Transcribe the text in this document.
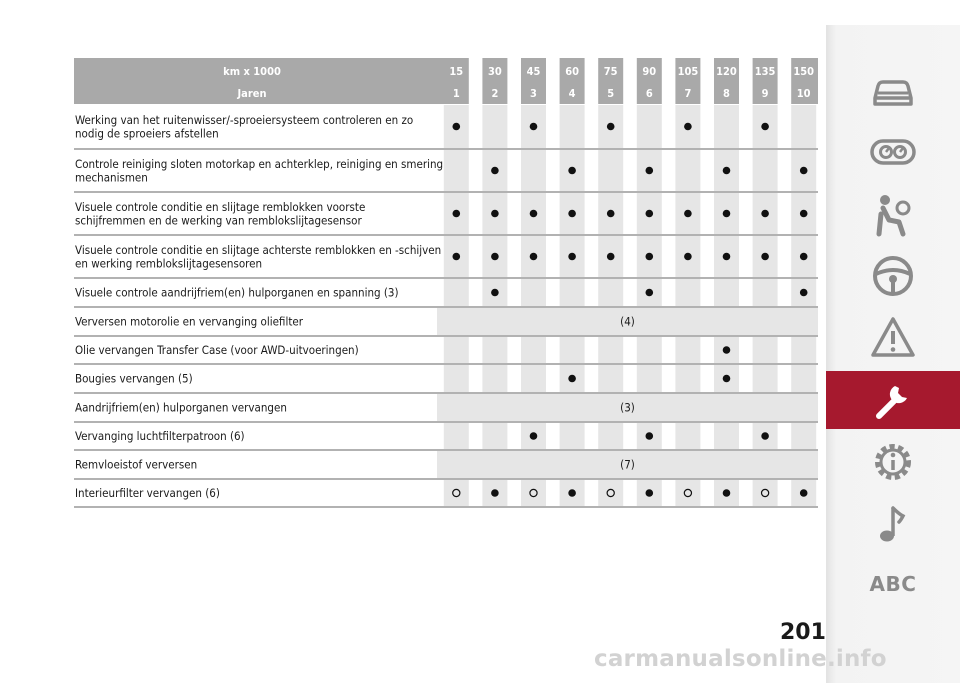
km x 1000
Jaren
15
1
30
2
45
3
60
4
75
5
90
6
105
7
120
8
135
9
150
10
Werking van het ruitenwisser/-sproeiersysteem controleren en zo
nodig de sproeiers afstellen
Controle reiniging sloten motorkap en achterklep, reiniging en smering
mechanismen
Visuele controle conditie en slijtage remblokken voorste
schijfremmen en de werking van remblokslijtagesensor
Visuele controle conditie en slijtage achterste remblokken en -schijven
en werking remblokslijtagesensoren
Visuele controle aandrijfriem(en) hulporganen en spanning (3)
(4)
Verversen motorolie en vervanging oliefilter
Olie vervangen Transfer Case (voor AWD-uitvoeringen)
Bougies vervangen (5)
(3)
Aandrijfriem(en) hulporganen vervangen
Vervanging luchtfilterpatroon (6)
(7)
Remvloeistof verversen
Interieurfilter vervangen (6)
ABC
201
carmanualsonline.info
